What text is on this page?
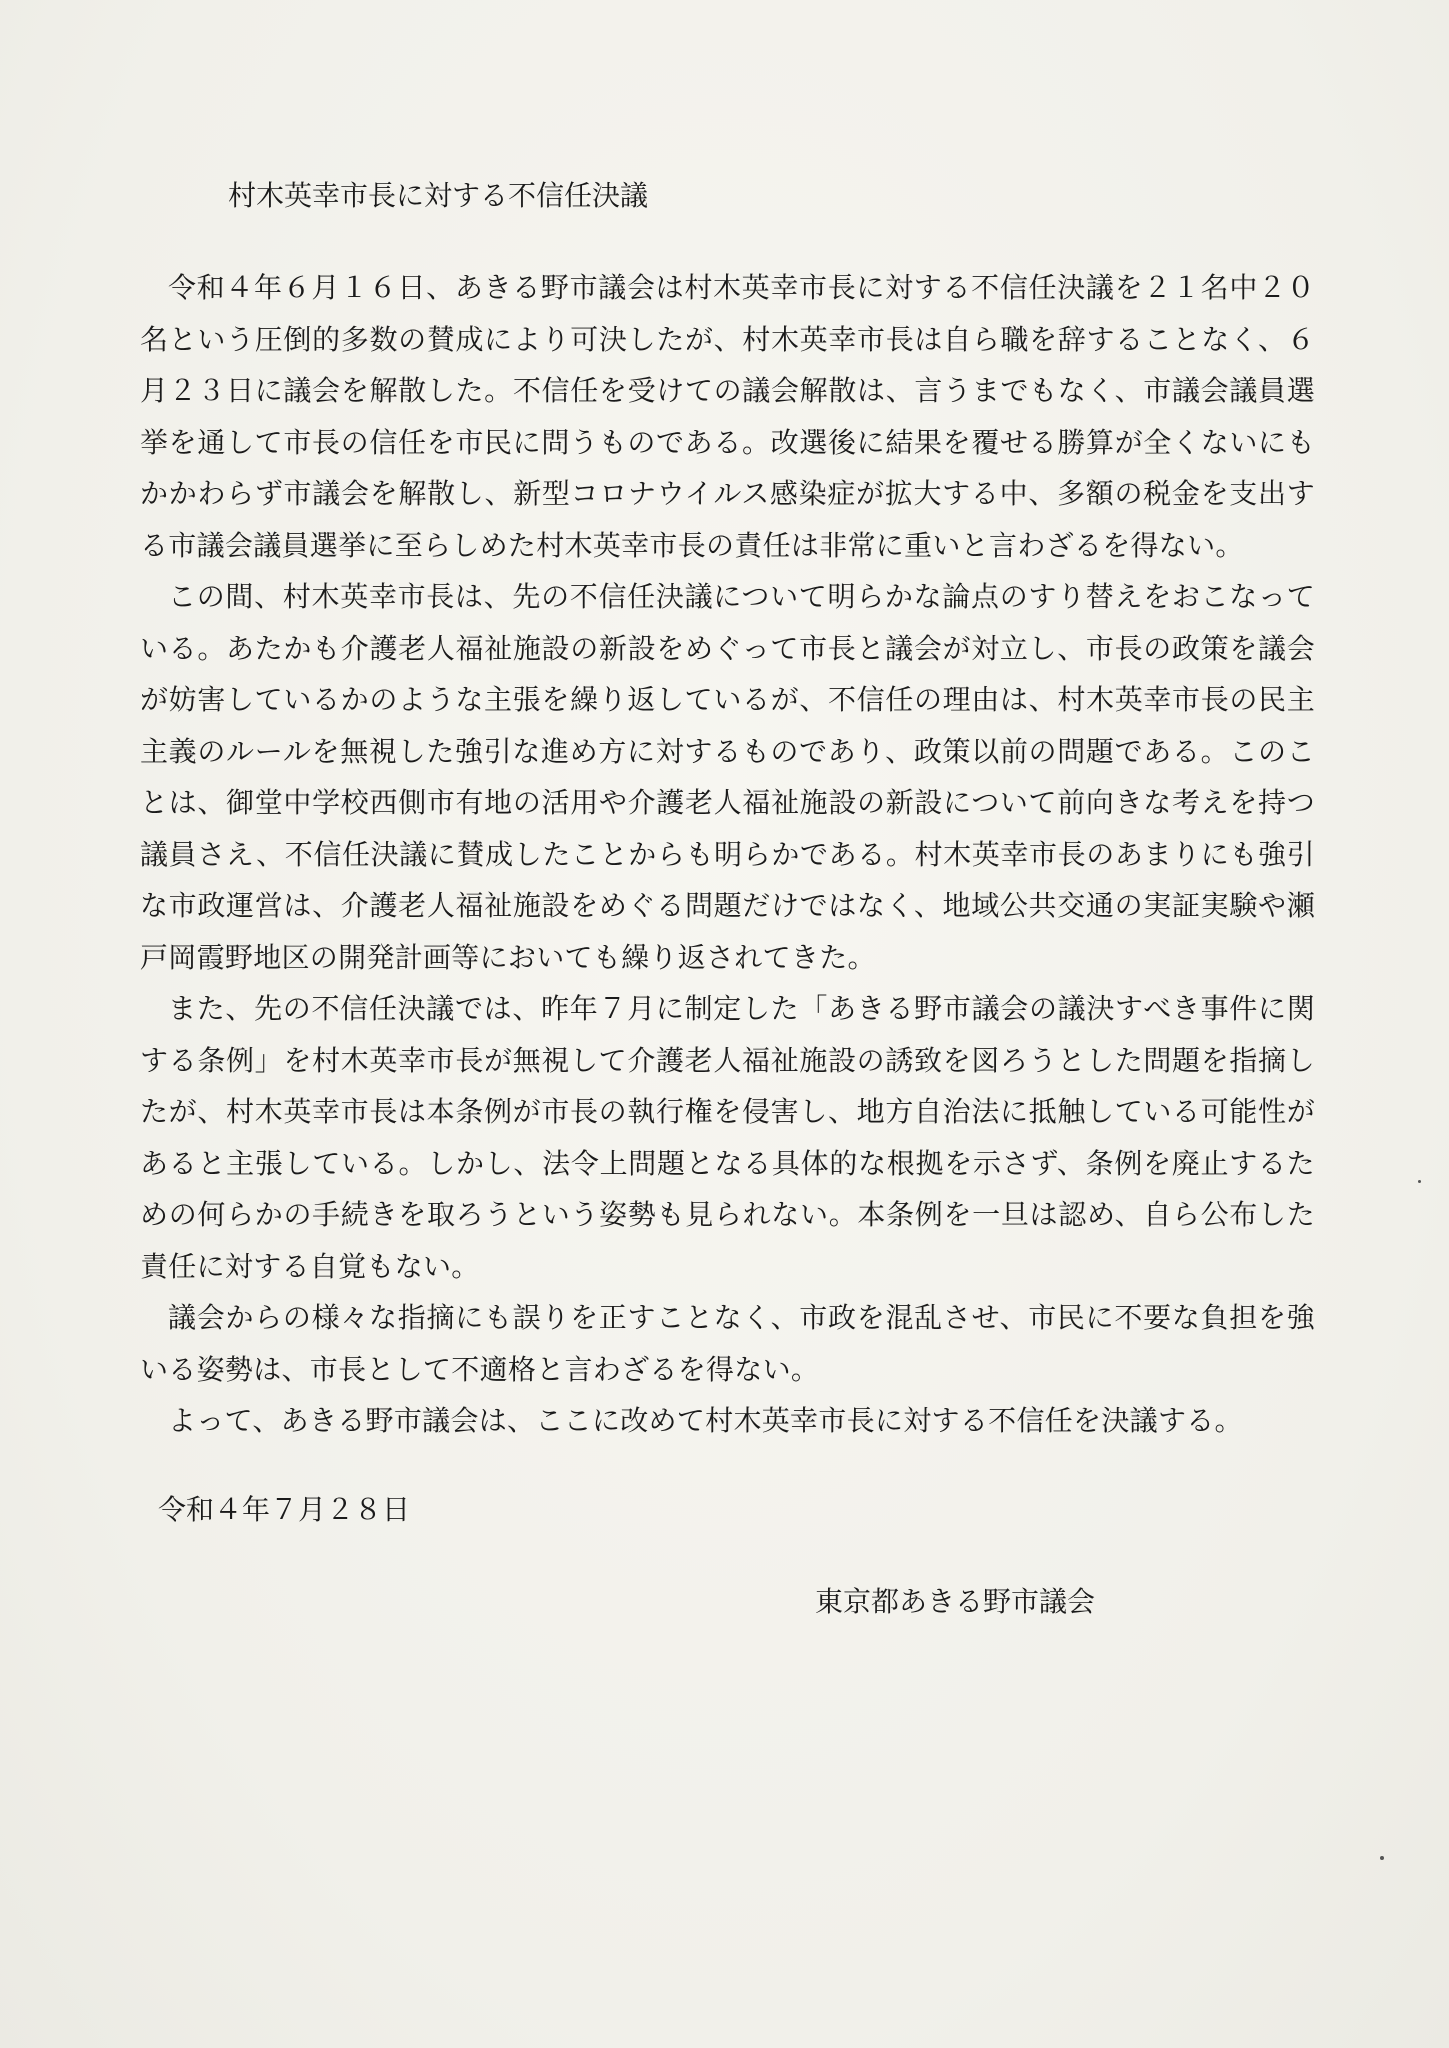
村木英幸市長に対する不信任決議

令和４年６月１６日、あきる野市議会は村木英幸市長に対する不信任決議を２１名中２０名という圧倒的多数の賛成により可決したが、村木英幸市長は自ら職を辞することなく、６月２３日に議会を解散した。不信任を受けての議会解散は、言うまでもなく、市議会議員選挙を通して市長の信任を市民に問うものである。改選後に結果を覆せる勝算が全くないにもかかわらず市議会を解散し、新型コロナウイルス感染症が拡大する中、多額の税金を支出する市議会議員選挙に至らしめた村木英幸市長の責任は非常に重いと言わざるを得ない。

この間、村木英幸市長は、先の不信任決議について明らかな論点のすり替えをおこなっている。あたかも介護老人福祉施設の新設をめぐって市長と議会が対立し、市長の政策を議会が妨害しているかのような主張を繰り返しているが、不信任の理由は、村木英幸市長の民主主義のルールを無視した強引な進め方に対するものであり、政策以前の問題である。このことは、御堂中学校西側市有地の活用や介護老人福祉施設の新設について前向きな考えを持つ議員さえ、不信任決議に賛成したことからも明らかである。村木英幸市長のあまりにも強引な市政運営は、介護老人福祉施設をめぐる問題だけではなく、地域公共交通の実証実験や瀬戸岡霞野地区の開発計画等においても繰り返されてきた。

また、先の不信任決議では、昨年７月に制定した「あきる野市議会の議決すべき事件に関する条例」を村木英幸市長が無視して介護老人福祉施設の誘致を図ろうとした問題を指摘したが、村木英幸市長は本条例が市長の執行権を侵害し、地方自治法に抵触している可能性があると主張している。しかし、法令上問題となる具体的な根拠を示さず、条例を廃止するための何らかの手続きを取ろうという姿勢も見られない。本条例を一旦は認め、自ら公布した責任に対する自覚もない。

議会からの様々な指摘にも誤りを正すことなく、市政を混乱させ、市民に不要な負担を強いる姿勢は、市長として不適格と言わざるを得ない。

よって、あきる野市議会は、ここに改めて村木英幸市長に対する不信任を決議する。

令和４年７月２８日
東京都あきる野市議会
